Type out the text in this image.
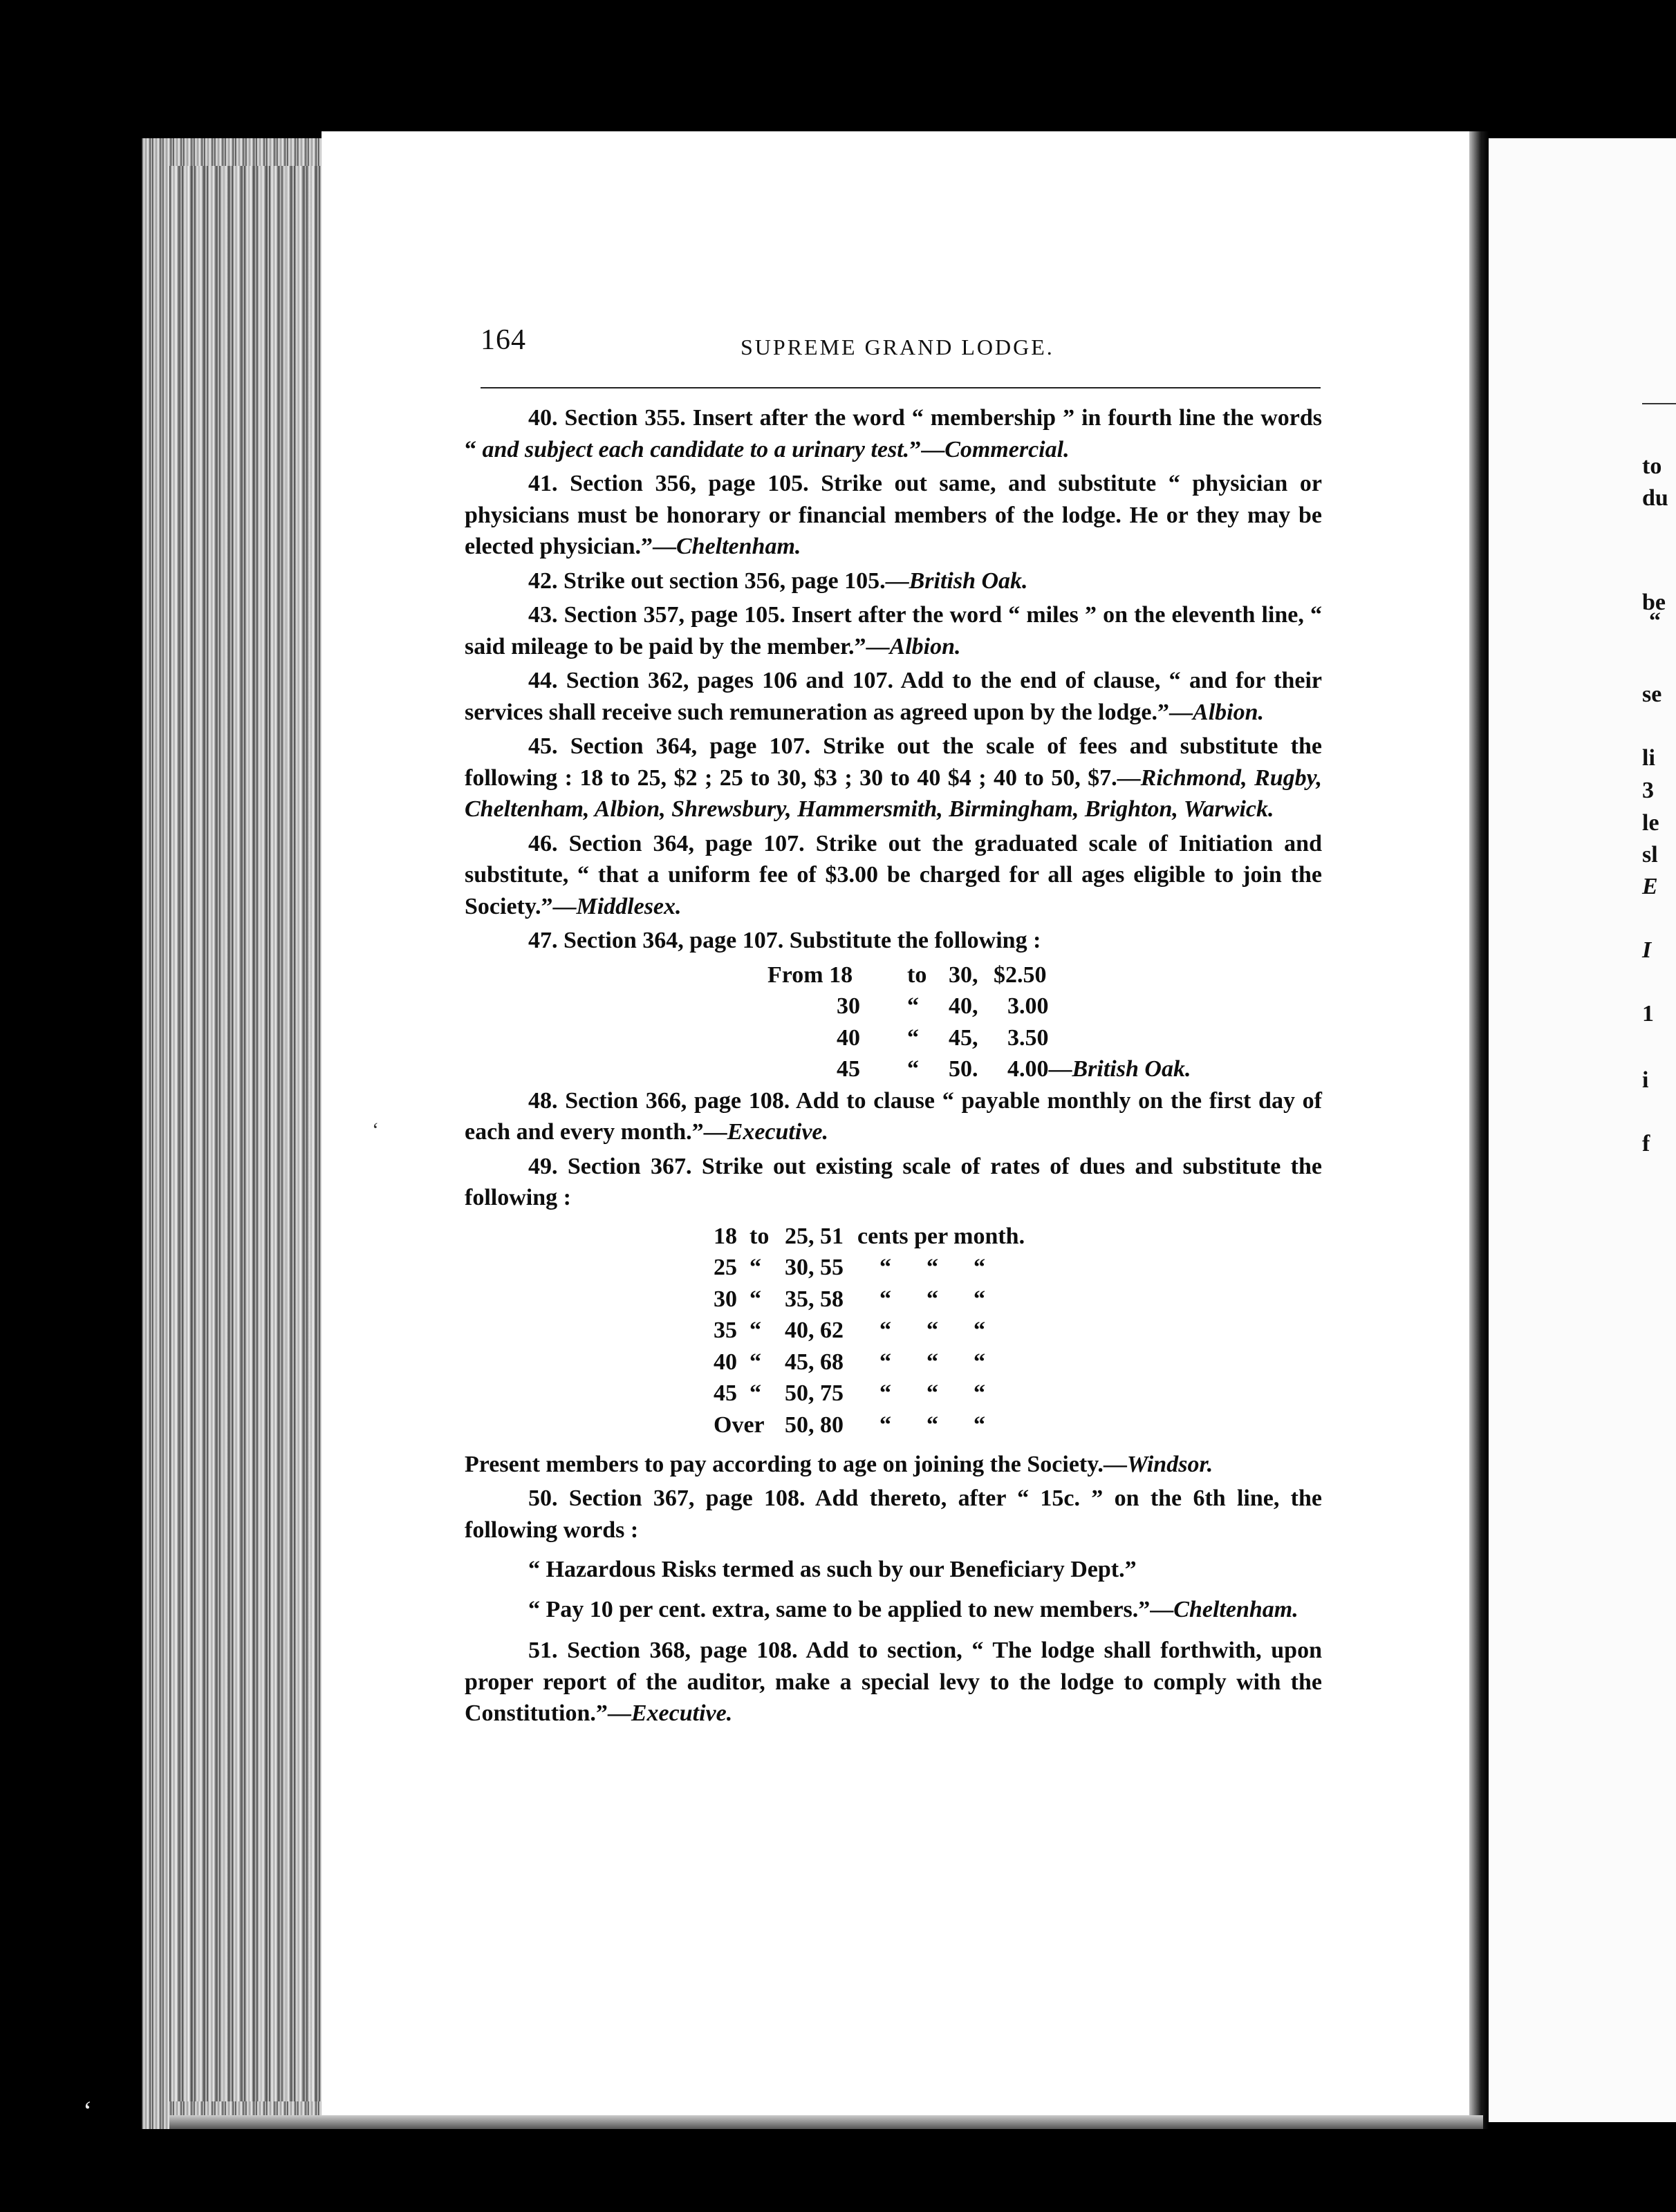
to
du
be
“
se
li
3
le
sl
E
I
1
i
f
‘
‘
164	SUPREME GRAND LODGE.

40. Section 355. Insert after the word “ membership ” in fourth line the words “ and subject each candidate to a urinary test.”—Commercial.

41. Section 356, page 105. Strike out same, and substitute “ physician or physicians must be honorary or financial members of the lodge. He or they may be elected physician.”—Cheltenham.

42. Strike out section 356, page 105.—British Oak.

43. Section 357, page 105. Insert after the word “ miles ” on the eleventh line, “ said mileage to be paid by the member.”—Albion.

44. Section 362, pages 106 and 107. Add to the end of clause, “ and for their services shall receive such remuneration as agreed upon by the lodge.”—Albion.

45. Section 364, page 107. Strike out the scale of fees and substitute the following : 18 to 25, $2 ; 25 to 30, $3 ; 30 to 40 $4 ; 40 to 50, $7.—Richmond, Rugby, Cheltenham, Albion, Shrewsbury, Hammersmith, Birmingham, Brighton, Warwick.

46. Section 364, page 107. Strike out the graduated scale of Initiation and substitute, “ that a uniform fee of $3.00 be charged for all ages eligible to join the Society.”—Middlesex.

47. Section 364, page 107. Substitute the following :

From 18 to 30, $2.50
30 “ 40, 3.00
40 “ 45, 3.50
45 “ 50. 4.00—British Oak.

48. Section 366, page 108. Add to clause “ payable monthly on the first day of each and every month.”—Executive.

49. Section 367. Strike out existing scale of rates of dues and substitute the following :

18 to 25, 51 cents per month.
25 “ 30, 55 “      “      “
30 “ 35, 58 “      “      “
35 “ 40, 62 “      “      “
40 “ 45, 68 “      “      “
45 “ 50, 75 “      “      “
Over 50, 80 “      “      “

Present members to pay according to age on joining the Society.—Windsor.

50. Section 367, page 108. Add thereto, after “ 15c. ” on the 6th line, the following words :

“ Hazardous Risks termed as such by our Beneficiary Dept.”

“ Pay 10 per cent. extra, same to be applied to new members.”—Cheltenham.

51. Section 368, page 108. Add to section, “ The lodge shall forthwith, upon proper report of the auditor, make a special levy to the lodge to comply with the Constitution.”—Executive.
